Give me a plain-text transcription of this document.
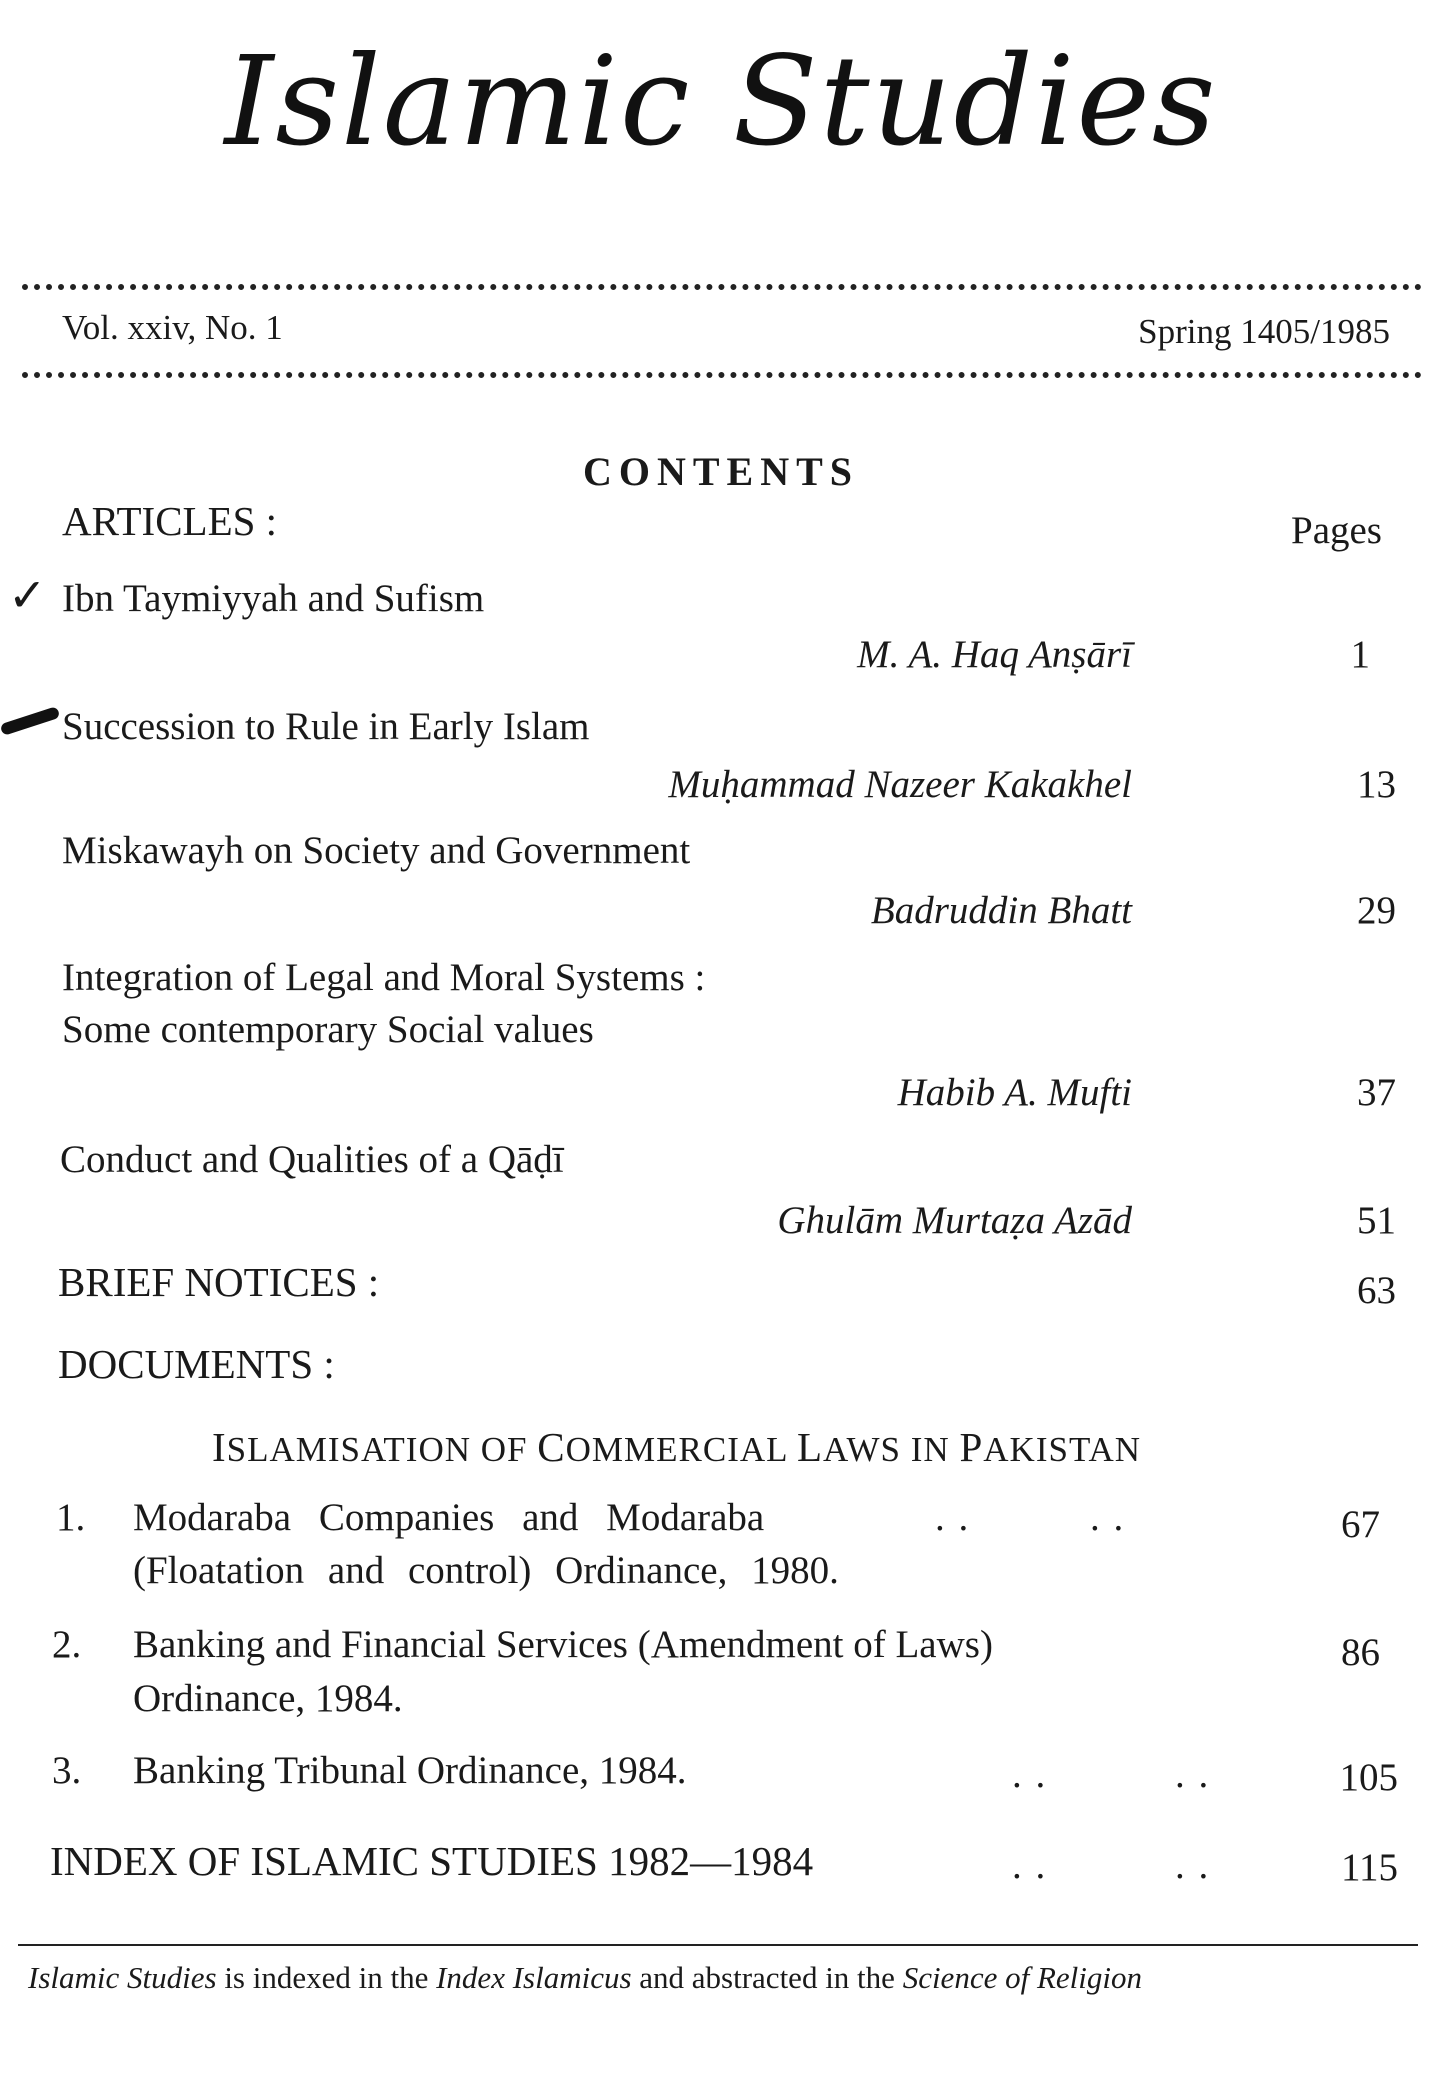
Islamic Studies
Vol. xxiv, No. 1	Spring 1405/1985
CONTENTS
ARTICLES :	Pages
✓ Ibn Taymiyyah and Sufism
M. A. Haq Anṣārī	1
Succession to Rule in Early Islam
Muḥammad Nazeer Kakakhel	13
Miskawayh on Society and Government
Badruddin Bhatt	29
Integration of Legal and Moral Systems :
Some contemporary Social values
Habib A. Mufti	37
Conduct and Qualities of a Qāḍī
Ghulām Murtaẓa Azād	51
BRIEF NOTICES :	63
DOCUMENTS :
ISLAMISATION OF COMMERCIAL LAWS IN PAKISTAN
1. Modaraba Companies and Modaraba	. .	. .	67
(Floatation and control) Ordinance, 1980.
2. Banking and Financial Services (Amendment of Laws)	86
Ordinance, 1984.
3. Banking Tribunal Ordinance, 1984.	. .	. .	105
INDEX OF ISLAMIC STUDIES 1982—1984	. .	. .	115
Islamic Studies is indexed in the Index Islamicus and abstracted in the Science of Religion
